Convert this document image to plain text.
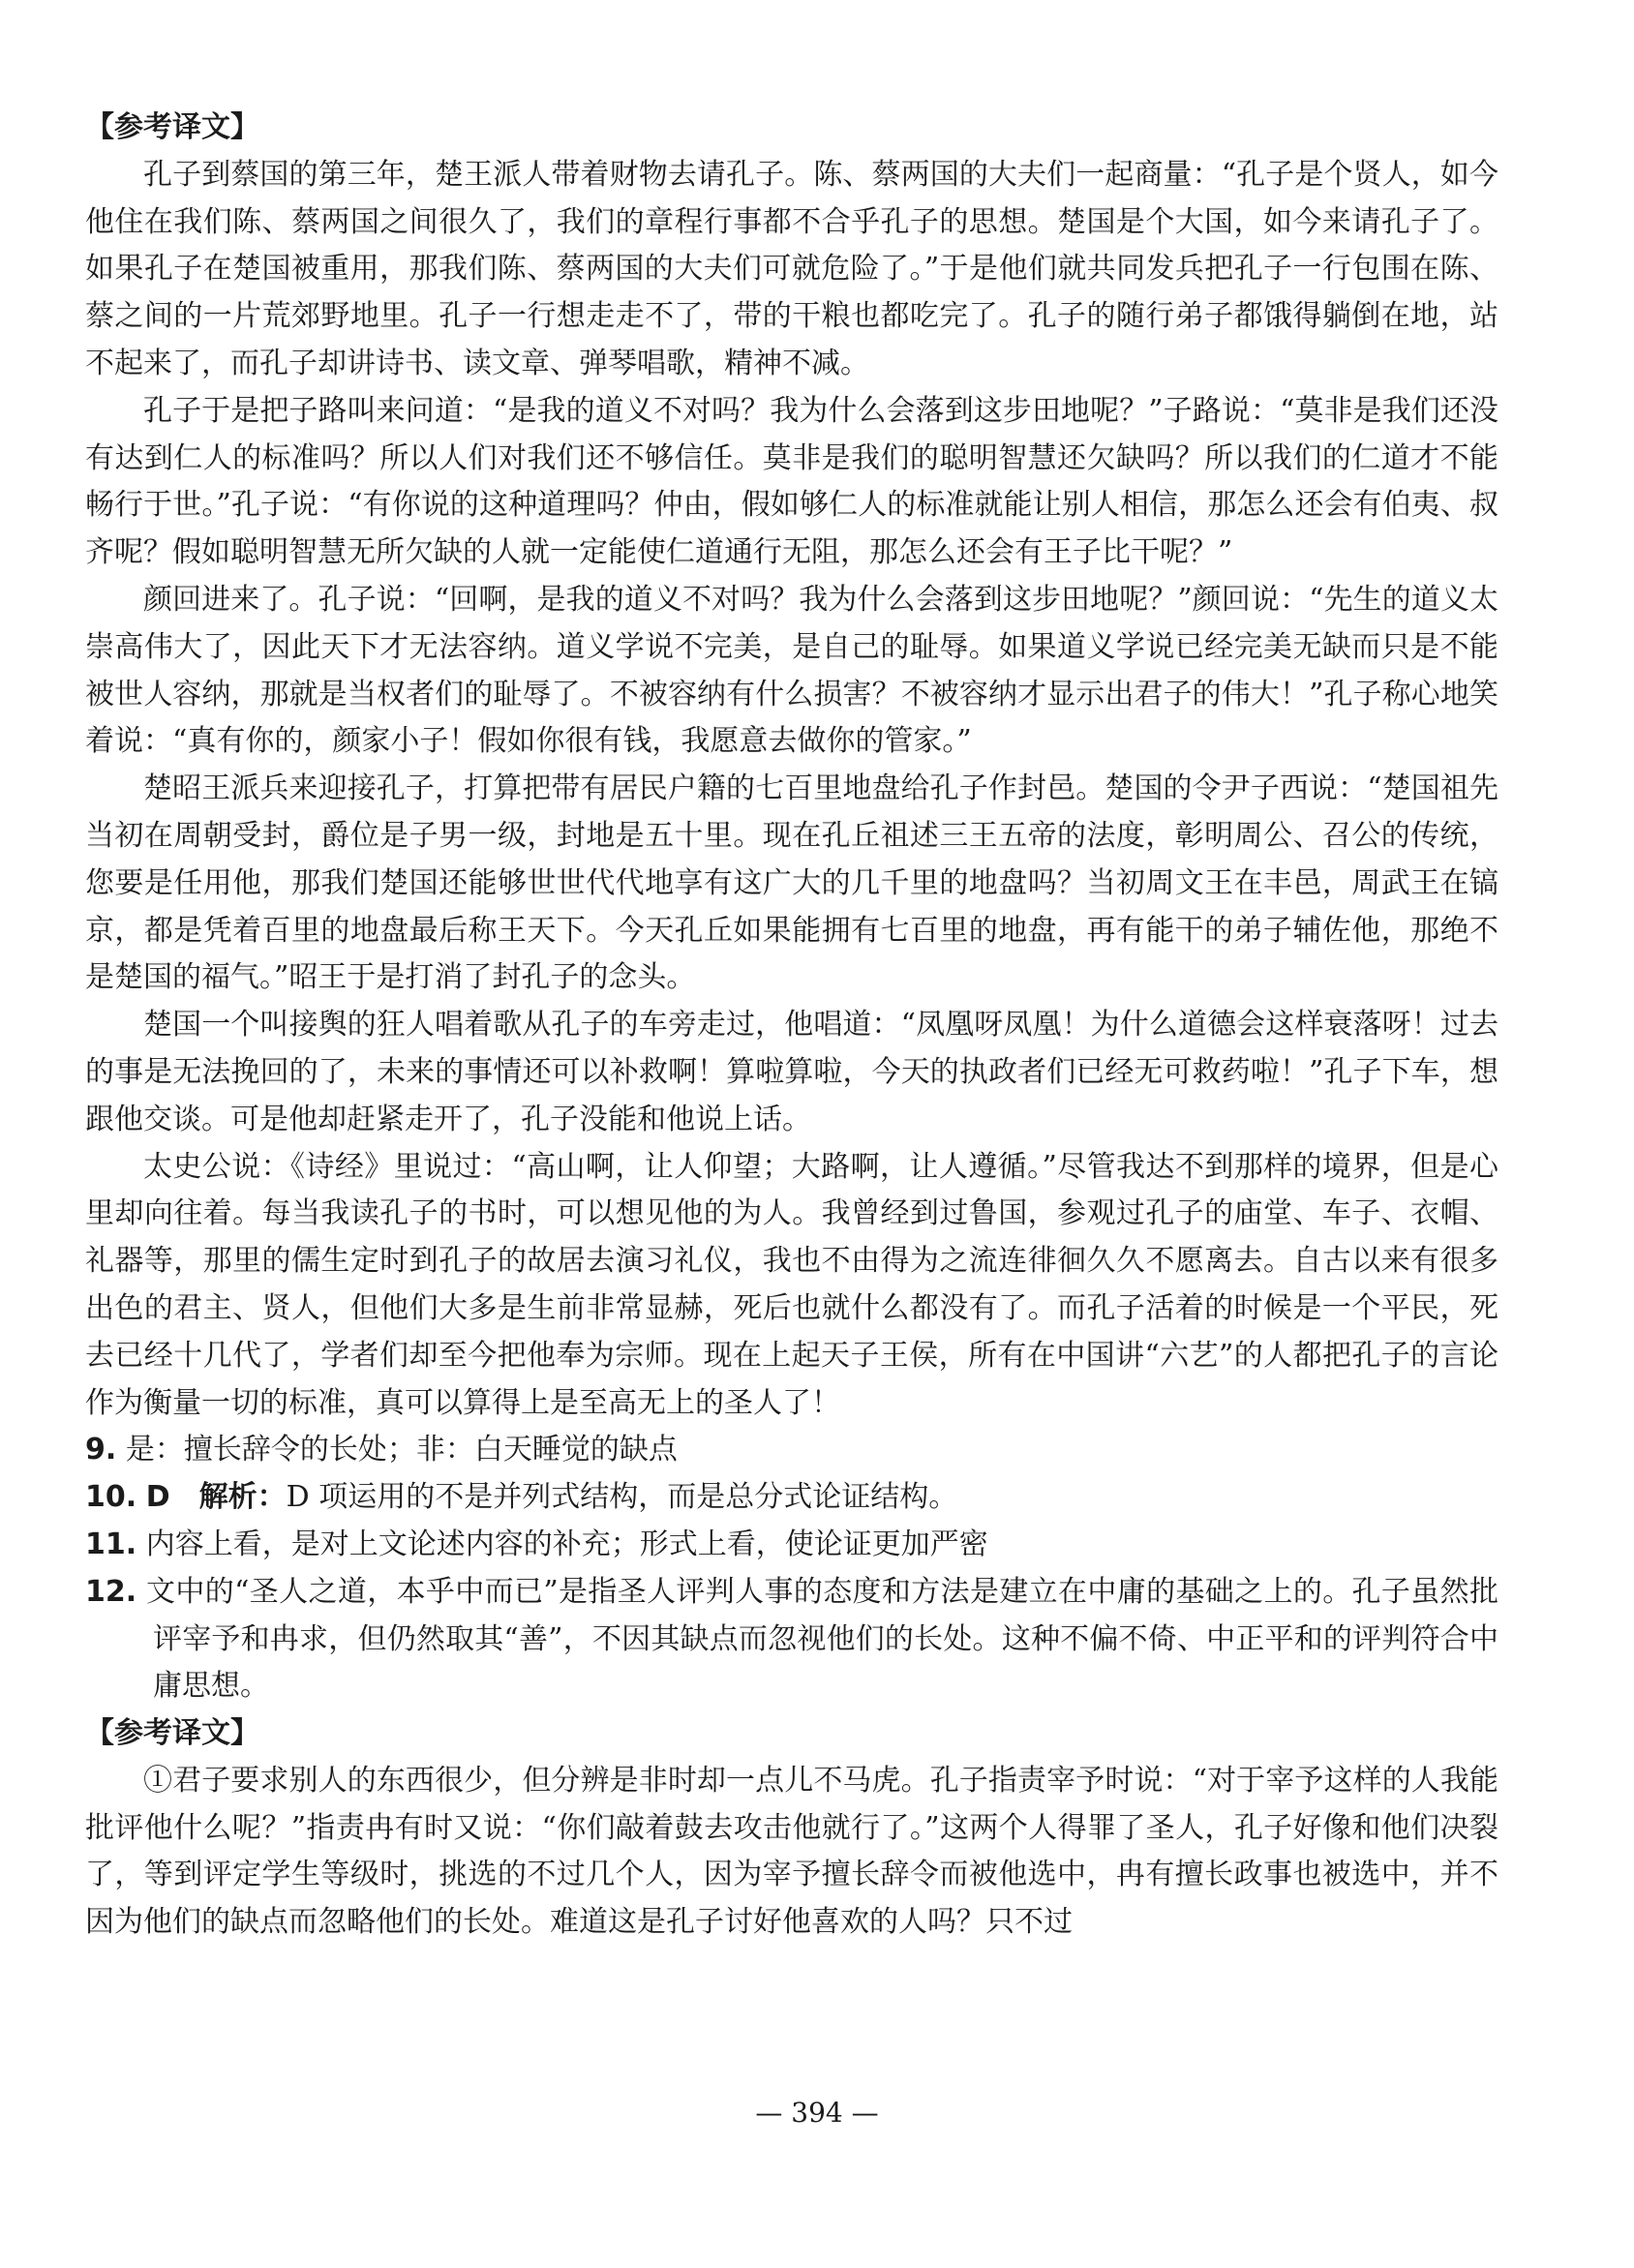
【参考译文】

孔子到蔡国的第三年，楚王派人带着财物去请孔子。陈、蔡两国的大夫们一起商量：“孔子是个贤人，如今他住在我们陈、蔡两国之间很久了，我们的章程行事都不合乎孔子的思想。楚国是个大国，如今来请孔子了。如果孔子在楚国被重用，那我们陈、蔡两国的大夫们可就危险了。”于是他们就共同发兵把孔子一行包围在陈、蔡之间的一片荒郊野地里。孔子一行想走走不了，带的干粮也都吃完了。孔子的随行弟子都饿得躺倒在地，站不起来了，而孔子却讲诗书、读文章、弹琴唱歌，精神不减。

孔子于是把子路叫来问道：“是我的道义不对吗？我为什么会落到这步田地呢？”子路说：“莫非是我们还没有达到仁人的标准吗？所以人们对我们还不够信任。莫非是我们的聪明智慧还欠缺吗？所以我们的仁道才不能畅行于世。”孔子说：“有你说的这种道理吗？仲由，假如够仁人的标准就能让别人相信，那怎么还会有伯夷、叔齐呢？假如聪明智慧无所欠缺的人就一定能使仁道通行无阻，那怎么还会有王子比干呢？”

颜回进来了。孔子说：“回啊，是我的道义不对吗？我为什么会落到这步田地呢？”颜回说：“先生的道义太崇高伟大了，因此天下才无法容纳。道义学说不完美，是自己的耻辱。如果道义学说已经完美无缺而只是不能被世人容纳，那就是当权者们的耻辱了。不被容纳有什么损害？不被容纳才显示出君子的伟大！”孔子称心地笑着说：“真有你的，颜家小子！假如你很有钱，我愿意去做你的管家。”

楚昭王派兵来迎接孔子，打算把带有居民户籍的七百里地盘给孔子作封邑。楚国的令尹子西说：“楚国祖先当初在周朝受封，爵位是子男一级，封地是五十里。现在孔丘祖述三王五帝的法度，彰明周公、召公的传统，您要是任用他，那我们楚国还能够世世代代地享有这广大的几千里的地盘吗？当初周文王在丰邑，周武王在镐京，都是凭着百里的地盘最后称王天下。今天孔丘如果能拥有七百里的地盘，再有能干的弟子辅佐他，那绝不是楚国的福气。”昭王于是打消了封孔子的念头。

楚国一个叫接舆的狂人唱着歌从孔子的车旁走过，他唱道：“凤凰呀凤凰！为什么道德会这样衰落呀！过去的事是无法挽回的了，未来的事情还可以补救啊！算啦算啦，今天的执政者们已经无可救药啦！”孔子下车，想跟他交谈。可是他却赶紧走开了，孔子没能和他说上话。

太史公说：《诗经》里说过：“高山啊，让人仰望；大路啊，让人遵循。”尽管我达不到那样的境界，但是心里却向往着。每当我读孔子的书时，可以想见他的为人。我曾经到过鲁国，参观过孔子的庙堂、车子、衣帽、礼器等，那里的儒生定时到孔子的故居去演习礼仪，我也不由得为之流连徘徊久久不愿离去。自古以来有很多出色的君主、贤人，但他们大多是生前非常显赫，死后也就什么都没有了。而孔子活着的时候是一个平民，死去已经十几代了，学者们却至今把他奉为宗师。现在上起天子王侯，所有在中国讲“六艺”的人都把孔子的言论作为衡量一切的标准，真可以算得上是至高无上的圣人了！

9. 是：擅长辞令的长处；非：白天睡觉的缺点

10. D　解析：D 项运用的不是并列式结构，而是总分式论证结构。

11. 内容上看，是对上文论述内容的补充；形式上看，使论证更加严密

12. 文中的“圣人之道，本乎中而已”是指圣人评判人事的态度和方法是建立在中庸的基础之上的。孔子虽然批评宰予和冉求，但仍然取其“善”，不因其缺点而忽视他们的长处。这种不偏不倚、中正平和的评判符合中庸思想。

【参考译文】

①君子要求别人的东西很少，但分辨是非时却一点儿不马虎。孔子指责宰予时说：“对于宰予这样的人我能批评他什么呢？”指责冉有时又说：“你们敲着鼓去攻击他就行了。”这两个人得罪了圣人，孔子好像和他们决裂了，等到评定学生等级时，挑选的不过几个人，因为宰予擅长辞令而被他选中，冉有擅长政事也被选中，并不因为他们的缺点而忽略他们的长处。难道这是孔子讨好他喜欢的人吗？只不过

— 394 —
